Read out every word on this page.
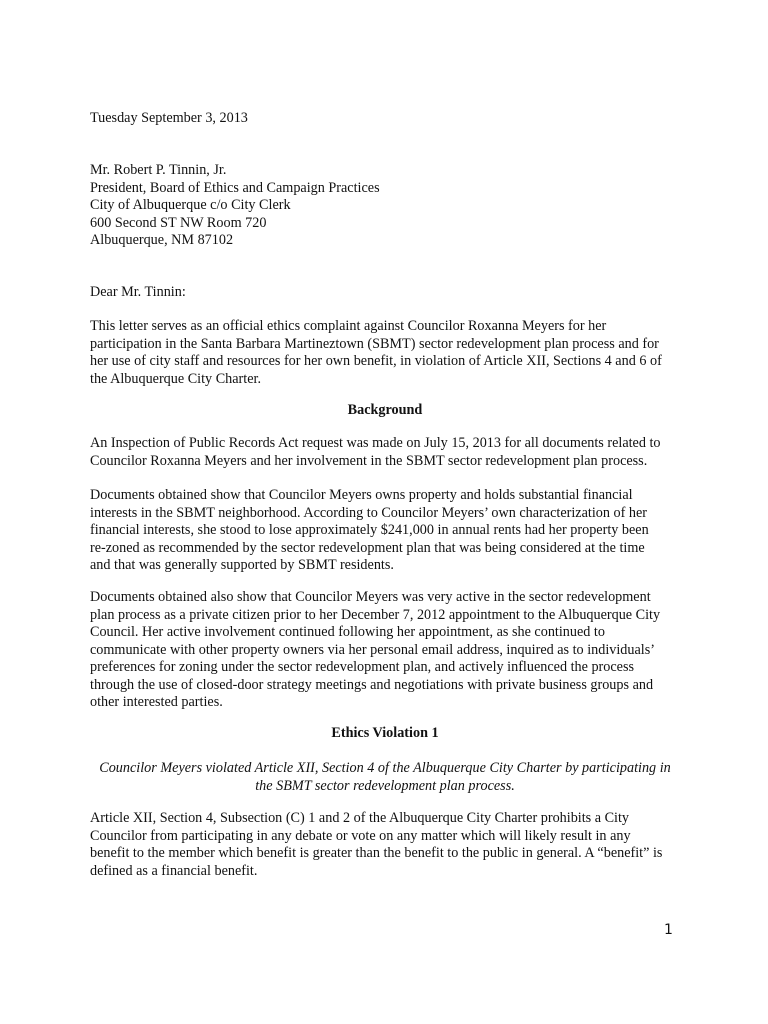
Tuesday September 3, 2013
Mr. Robert P. Tinnin, Jr.
President, Board of Ethics and Campaign Practices
City of Albuquerque c/o City Clerk
600 Second ST NW Room 720
Albuquerque, NM 87102
Dear Mr. Tinnin:
This letter serves as an official ethics complaint against Councilor Roxanna Meyers for her
participation in the Santa Barbara Martineztown (SBMT) sector redevelopment plan process and for
her use of city staff and resources for her own benefit, in violation of Article XII, Sections 4 and 6 of
the Albuquerque City Charter.
Background
An Inspection of Public Records Act request was made on July 15, 2013 for all documents related to
Councilor Roxanna Meyers and her involvement in the SBMT sector redevelopment plan process.
Documents obtained show that Councilor Meyers owns property and holds substantial financial
interests in the SBMT neighborhood. According to Councilor Meyers’ own characterization of her
financial interests, she stood to lose approximately $241,000 in annual rents had her property been
re-zoned as recommended by the sector redevelopment plan that was being considered at the time
and that was generally supported by SBMT residents.
Documents obtained also show that Councilor Meyers was very active in the sector redevelopment
plan process as a private citizen prior to her December 7, 2012 appointment to the Albuquerque City
Council. Her active involvement continued following her appointment, as she continued to
communicate with other property owners via her personal email address, inquired as to individuals’
preferences for zoning under the sector redevelopment plan, and actively influenced the process
through the use of closed-door strategy meetings and negotiations with private business groups and
other interested parties.
Ethics Violation 1
Councilor Meyers violated Article XII, Section 4 of the Albuquerque City Charter by participating in
the SBMT sector redevelopment plan process.
Article XII, Section 4, Subsection (C) 1 and 2 of the Albuquerque City Charter prohibits a City
Councilor from participating in any debate or vote on any matter which will likely result in any
benefit to the member which benefit is greater than the benefit to the public in general. A “benefit” is
defined as a financial benefit.
1
